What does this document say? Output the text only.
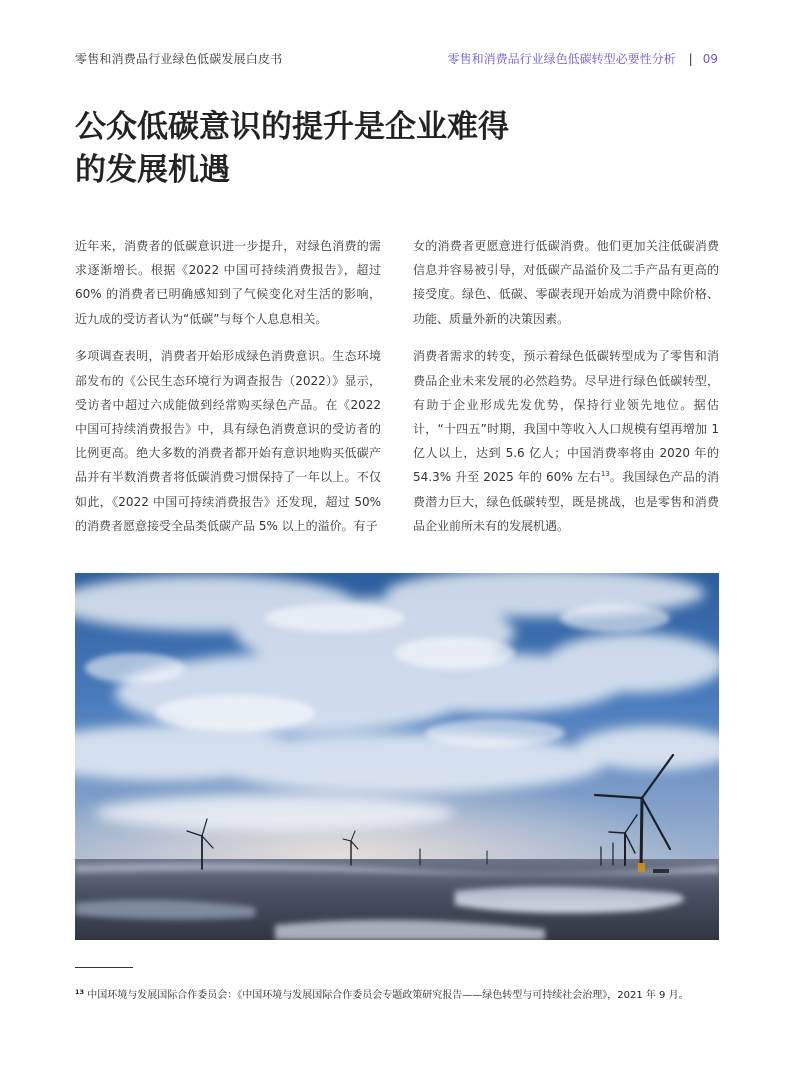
零售和消费品行业绿色低碳发展白皮书	零售和消费品行业绿色低碳转型必要性分析 | 09
公众低碳意识的提升是企业难得
的发展机遇

近年来，消费者的低碳意识进一步提升，对绿色消费的需求逐渐增长。根据《2022 中国可持续消费报告》，超过 60% 的消费者已明确感知到了气候变化对生活的影响，近九成的受访者认为“低碳”与每个人息息相关。

多项调查表明，消费者开始形成绿色消费意识。生态环境部发布的《公民生态环境行为调查报告（2022）》显示，受访者中超过六成能做到经常购买绿色产品。在《2022 中国可持续消费报告》中，具有绿色消费意识的受访者的比例更高。绝大多数的消费者都开始有意识地购买低碳产品并有半数消费者将低碳消费习惯保持了一年以上。不仅如此，《2022 中国可持续消费报告》还发现，超过 50% 的消费者愿意接受全品类低碳产品 5% 以上的溢价。有子

女的消费者更愿意进行低碳消费。他们更加关注低碳消费信息并容易被引导，对低碳产品溢价及二手产品有更高的接受度。绿色、低碳、零碳表现开始成为消费中除价格、功能、质量外新的决策因素。

消费者需求的转变，预示着绿色低碳转型成为了零售和消费品企业未来发展的必然趋势。尽早进行绿色低碳转型，有助于企业形成先发优势，保持行业领先地位。据估计，“十四五”时期，我国中等收入人口规模有望再增加 1 亿人以上，达到 5.6 亿人；中国消费率将由 2020 年的 54.3% 升至 2025 年的 60% 左右$^{13}$。我国绿色产品的消费潜力巨大，绿色低碳转型，既是挑战，也是零售和消费品企业前所未有的发展机遇。

$^{13}$ 中国环境与发展国际合作委员会：《中国环境与发展国际合作委员会专题政策研究报告——绿色转型与可持续社会治理》，2021 年 9 月。
